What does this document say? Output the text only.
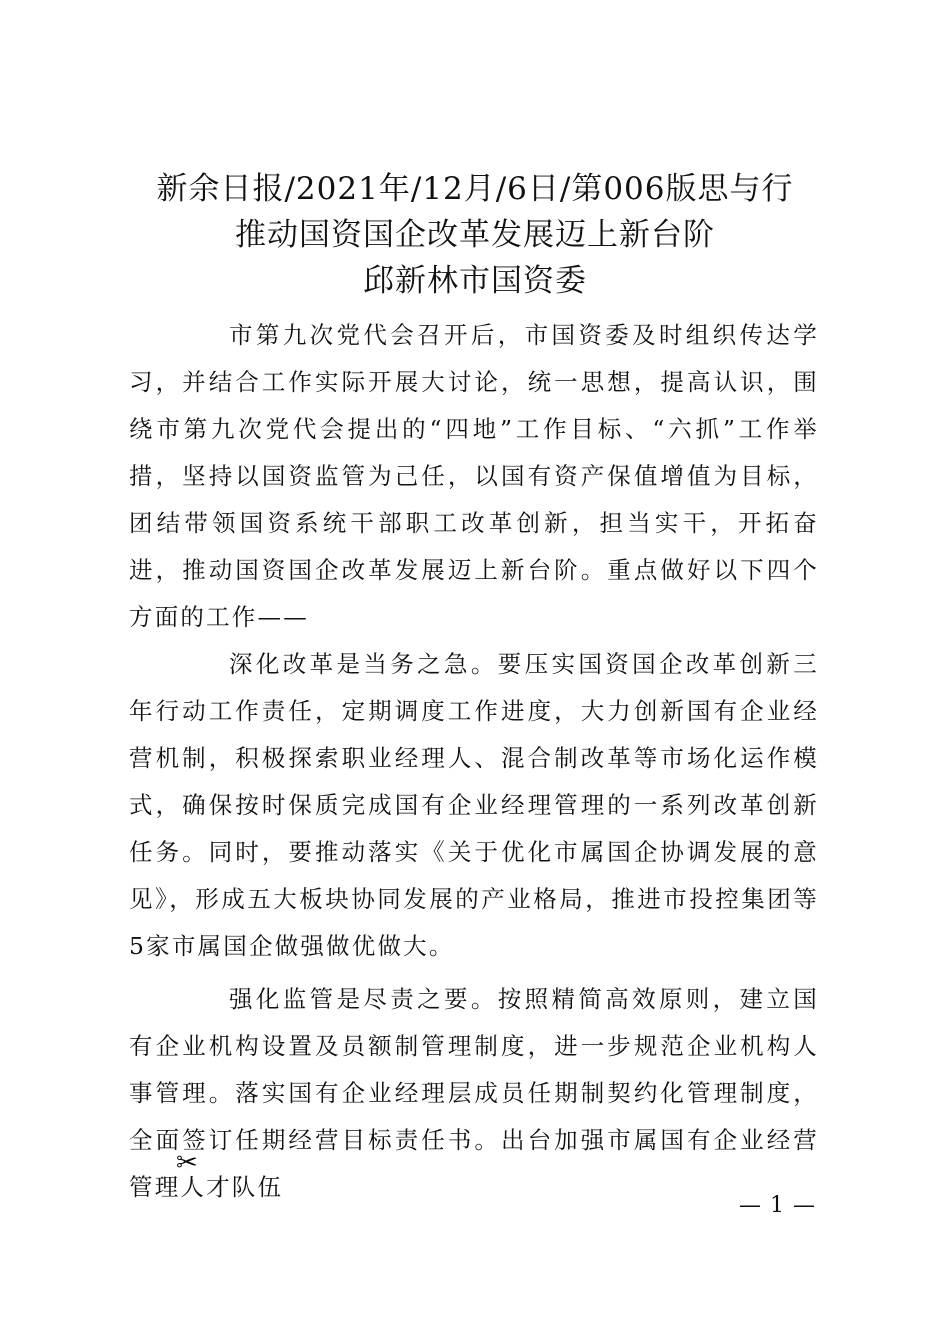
新余日报/2021年/12月/6日/第006版思与行
推动国资国企改革发展迈上新台阶
邱新林市国资委

市第九次党代会召开后，市国资委及时组织传达学习，并结合工作实际开展大讨论，统一思想，提高认识，围绕市第九次党代会提出的“四地”工作目标、“六抓”工作举措，坚持以国资监管为己任，以国有资产保值增值为目标，团结带领国资系统干部职工改革创新，担当实干，开拓奋进，推动国资国企改革发展迈上新台阶。重点做好以下四个方面的工作——

深化改革是当务之急。要压实国资国企改革创新三年行动工作责任，定期调度工作进度，大力创新国有企业经营机制，积极探索职业经理人、混合制改革等市场化运作模式，确保按时保质完成国有企业经理管理的一系列改革创新任务。同时，要推动落实《关于优化市属国企协调发展的意见》，形成五大板块协同发展的产业格局，推进市投控集团等5家市属国企做强做优做大。

强化监管是尽责之要。按照精简高效原则，建立国有企业机构设置及员额制管理制度，进一步规范企业机构人事管理。落实国有企业经理层成员任期制契约化管理制度，全面签订任期经营目标责任书。出台加强市属国有企业经营管理人才队伍

✂
— 1 —
